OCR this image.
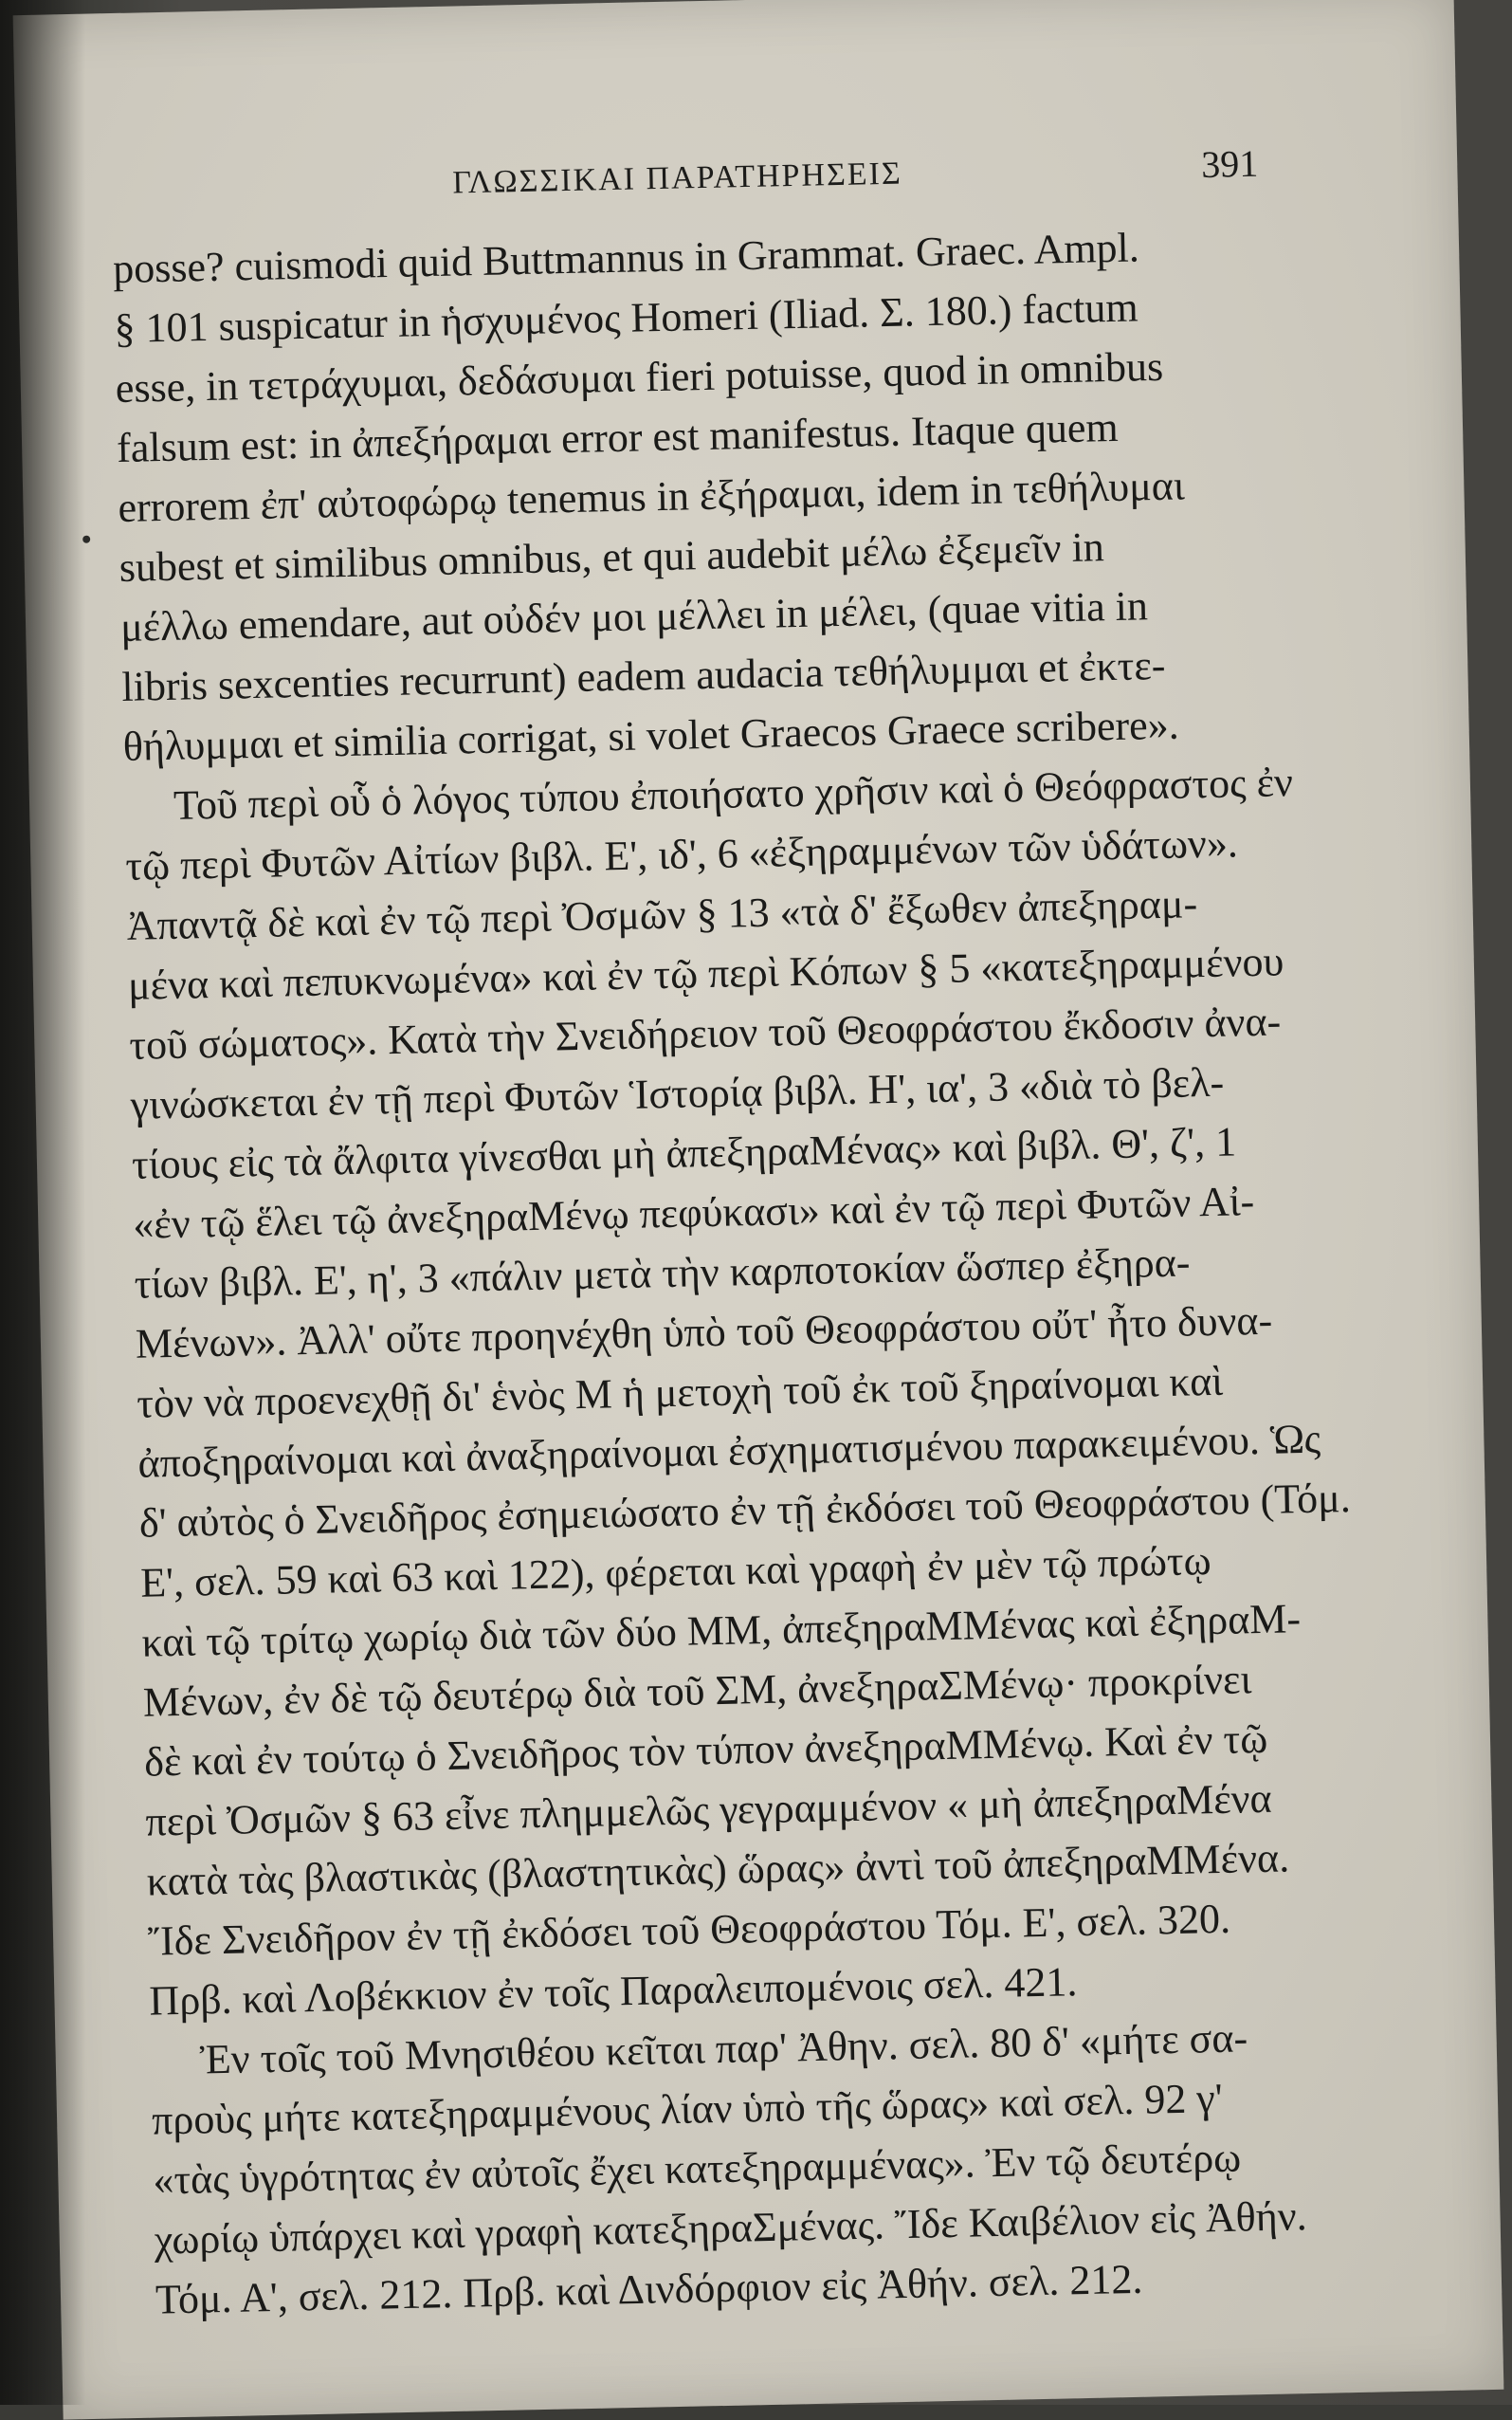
ΓΛΩΣΣΙΚΑΙ ΠΑΡΑΤΗΡΗΣΕΙΣ	391
posse? cuismodi quid Buttmannus in Grammat. Graec. Ampl.
§ 101 suspicatur in ἡσχυμένος Homeri (Iliad. Σ. 180.) factum
esse, in τετράχυμαι, δεδάσυμαι fieri potuisse, quod in omnibus
falsum est: in ἀπεξήραμαι error est manifestus. Itaque quem
errorem ἐπ' αὐτοφώρῳ tenemus in ἐξήραμαι, idem in τεθήλυμαι
subest et similibus omnibus, et qui audebit μέλω ἐξεμεῖν in
μέλλω emendare, aut οὐδέν μοι μέλλει in μέλει, (quae vitia in
libris sexcenties recurrunt) eadem audacia τεθήλυμμαι et ἐκτε-
θήλυμμαι et similia corrigat, si volet Graecos Graece scribere».
Τοῦ περὶ οὗ ὁ λόγος τύπου ἐποιήσατο χρῆσιν καὶ ὁ Θεόφραστος ἐν
τῷ περὶ Φυτῶν Αἰτίων βιβλ. Ε', ιδ', 6 «ἐξηραμμένων τῶν ὑδάτων».
Ἀπαντᾷ δὲ καὶ ἐν τῷ περὶ Ὀσμῶν § 13 «τὰ δ' ἔξωθεν ἀπεξηραμ-
μένα καὶ πεπυκνωμένα» καὶ ἐν τῷ περὶ Κόπων § 5 «κατεξηραμμένου
τοῦ σώματος». Κατὰ τὴν Σνειδήρειον τοῦ Θεοφράστου ἔκδοσιν ἀνα-
γινώσκεται ἐν τῇ περὶ Φυτῶν Ἱστορίᾳ βιβλ. Η', ια', 3 «διὰ τὸ βελ-
τίους εἰς τὰ ἄλφιτα γίνεσθαι μὴ ἀπεξηραΜένας» καὶ βιβλ. Θ', ζ', 1
«ἐν τῷ ἕλει τῷ ἀνεξηραΜένῳ πεφύκασι» καὶ ἐν τῷ περὶ Φυτῶν Αἰ-
τίων βιβλ. Ε', η', 3 «πάλιν μετὰ τὴν καρποτοκίαν ὥσπερ ἐξηρα-
Μένων». Ἀλλ' οὔτε προηνέχθη ὑπὸ τοῦ Θεοφράστου οὔτ' ἦτο δυνα-
τὸν νὰ προενεχθῇ δι' ἑνὸς Μ ἡ μετοχὴ τοῦ ἐκ τοῦ ξηραίνομαι καὶ
ἀποξηραίνομαι καὶ ἀναξηραίνομαι ἐσχηματισμένου παρακειμένου. Ὡς
δ' αὐτὸς ὁ Σνειδῆρος ἐσημειώσατο ἐν τῇ ἐκδόσει τοῦ Θεοφράστου (Τόμ.
Ε', σελ. 59 καὶ 63 καὶ 122), φέρεται καὶ γραφὴ ἐν μὲν τῷ πρώτῳ
καὶ τῷ τρίτῳ χωρίῳ διὰ τῶν δύο ΜΜ, ἀπεξηραΜΜένας καὶ ἐξηραΜ-
Μένων, ἐν δὲ τῷ δευτέρῳ διὰ τοῦ ΣΜ, ἀνεξηραΣΜένῳ· προκρίνει
δὲ καὶ ἐν τούτῳ ὁ Σνειδῆρος τὸν τύπον ἀνεξηραΜΜένῳ. Καὶ ἐν τῷ
περὶ Ὀσμῶν § 63 εἶνε πλημμελῶς γεγραμμένον « μὴ ἀπεξηραΜένα
κατὰ τὰς βλαστικὰς (βλαστητικὰς) ὥρας» ἀντὶ τοῦ ἀπεξηραΜΜένα.
Ἴδε Σνειδῆρον ἐν τῇ ἐκδόσει τοῦ Θεοφράστου Τόμ. Ε', σελ. 320.
Πρβ. καὶ Λοβέκκιον ἐν τοῖς Παραλειπομένοις σελ. 421.
Ἐν τοῖς τοῦ Μνησιθέου κεῖται παρ' Ἀθην. σελ. 80 δ' «μήτε σα-
προὺς μήτε κατεξηραμμένους λίαν ὑπὸ τῆς ὥρας» καὶ σελ. 92 γ'
«τὰς ὑγρότητας ἐν αὐτοῖς ἔχει κατεξηραμμένας». Ἐν τῷ δευτέρῳ
χωρίῳ ὑπάρχει καὶ γραφὴ κατεξηραΣμένας. Ἴδε Καιβέλιον εἰς Ἀθήν.
Τόμ. Α', σελ. 212. Πρβ. καὶ Δινδόρφιον εἰς Ἀθήν. σελ. 212.
